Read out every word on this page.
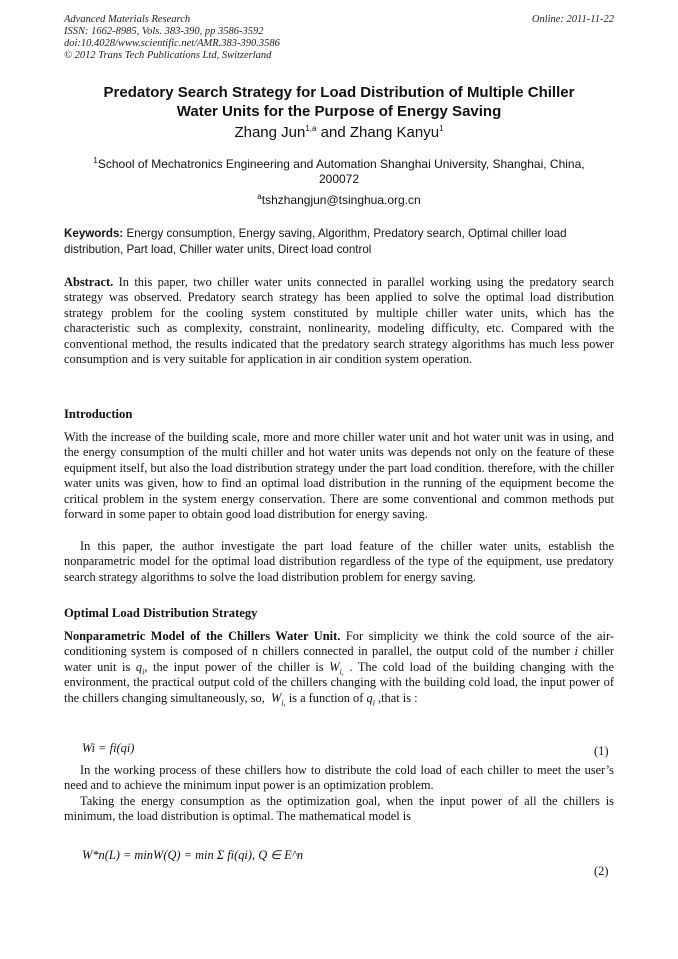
Advanced Materials Research
ISSN: 1662-8985, Vols. 383-390, pp 3586-3592
doi:10.4028/www.scientific.net/AMR.383-390.3586
© 2012 Trans Tech Publications Ltd, Switzerland
Online: 2011-11-22
Predatory Search Strategy for Load Distribution of Multiple Chiller
Water Units for the Purpose of Energy Saving
Zhang Jun$^{1,a}$ and Zhang Kanyu$^1$
$^1$School of Mechatronics Engineering and Automation Shanghai University, Shanghai, China, 200072
$^a$tshzhangjun@tsinghua.org.cn
Keywords: Energy consumption, Energy saving, Algorithm, Predatory search, Optimal chiller load distribution, Part load, Chiller water units, Direct load control
Abstract. In this paper, two chiller water units connected in parallel working using the predatory search strategy was observed. Predatory search strategy has been applied to solve the optimal load distribution strategy problem for the cooling system constituted by multiple chiller water units, which has the characteristic such as complexity, constraint, nonlinearity, modeling difficulty, etc. Compared with the conventional method, the results indicated that the predatory search strategy algorithms has much less power consumption and is very suitable for application in air condition system operation.
Introduction
With the increase of the building scale, more and more chiller water unit and hot water unit was in using, and the energy consumption of the multi chiller and hot water units was depends not only on the feature of these equipment itself, but also the load distribution strategy under the part load condition. therefore, with the chiller water units was given, how to find an optimal load distribution in the running of the equipment become the critical problem in the system energy conservation. There are some conventional and common methods put forward in some paper to obtain good load distribution for energy saving.
In this paper, the author investigate the part load feature of the chiller water units, establish the nonparametric model for the optimal load distribution regardless of the type of the equipment, use predatory search strategy algorithms to solve the load distribution problem for energy saving.
Optimal Load Distribution Strategy
Nonparametric Model of the Chillers Water Unit. For simplicity we think the cold source of the air-conditioning system is composed of n chillers connected in parallel, the output cold of the number i chiller water unit is $q_i$, the input power of the chiller is $W_{i,}$ . The cold load of the building changing with the environment, the practical output cold of the chillers changing with the building cold load, the input power of the chillers changing simultaneously, so,  $W_{i,}$ is a function of $q_i$ ,that is :
Wi = fi(qi)	(1)
In the working process of these chillers how to distribute the cold load of each chiller to meet the user’s need and to achieve the minimum input power is an optimization problem.
Taking the energy consumption as the optimization goal, when the input power of all the chillers is minimum, the load distribution is optimal. The mathematical model is
W*n(L) = minW(Q) = min Σ fi(qi), Q ∈ E^n
(2)
